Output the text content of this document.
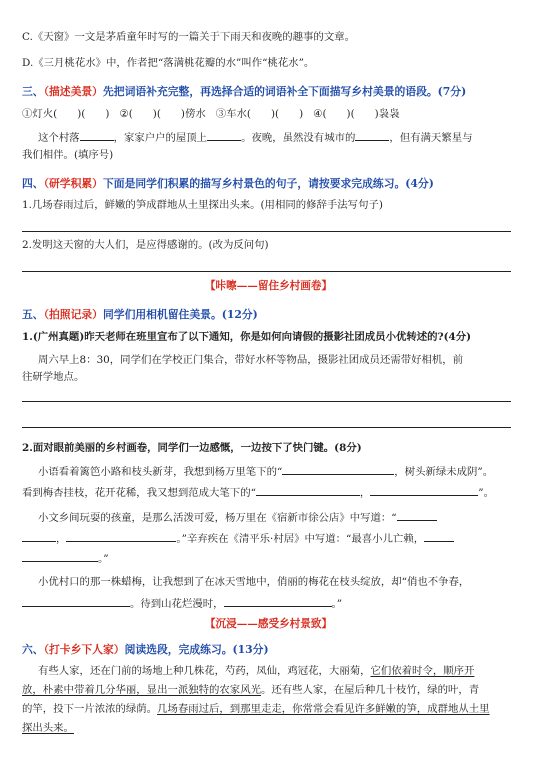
C.《天窗》一文是茅盾童年时写的一篇关于下雨天和夜晚的趣事的文章。
D.《三月桃花水》中，作者把“落满桃花瓣的水”叫作“桃花水”。
三、（描述美景）先把词语补充完整，再选择合适的词语补全下面描写乡村美景的语段。(7分)
①灯火( )( ) ②( )( )傍水 ③车水( )( ) ④( )( )袅袅
这个村落	，家家户户的屋顶上	。夜晚，虽然没有城市的	，但有满天繁星与
我们相伴。(填序号)
四、（研学积累）下面是同学们积累的描写乡村景色的句子，请按要求完成练习。(4分)
1.几场春雨过后，鲜嫩的笋成群地从土里探出头来。(用相同的修辞手法写句子)
2.发明这天窗的大人们，是应得感谢的。(改为反问句)
【咔嚓——留住乡村画卷】
五、（拍照记录）同学们用相机留住美景。(12分)
1.(广州真题)昨天老师在班里宣布了以下通知，你是如何向请假的摄影社团成员小优转述的?(4分)
周六早上8：30，同学们在学校正门集合，带好水杯等物品，摄影社团成员还需带好相机，前
往研学地点。
2.面对眼前美丽的乡村画卷，同学们一边感慨，一边按下了快门键。(8分)
小语看着篱笆小路和枝头新芽，我想到杨万里笔下的“	，树头新绿未成阴”。
看到梅杏挂枝，花开花稀，我又想到范成大笔下的“	，	”。
小文乡间玩耍的孩童，是那么活泼可爱，杨万里在《宿新市徐公店》中写道：“
，	。”辛弃疾在《清平乐·村居》中写道：“最喜小儿亡赖，
。”
小优村口的那一株蜡梅，让我想到了在冰天雪地中，俏丽的梅花在枝头绽放，却“俏也不争春，
。待到山花烂漫时，	。”
【沉浸——感受乡村景致】
六、（打卡乡下人家）阅读选段，完成练习。(13分)
有些人家，还在门前的场地上种几株花，芍药，凤仙，鸡冠花，大丽菊，它们依着时令，顺序开
放，朴素中带着几分华丽，显出一派独特的农家风光。还有些人家，在屋后种几十枝竹，绿的叶，青
的竿，投下一片浓浓的绿荫。几场春雨过后，到那里走走，你常常会看见许多鲜嫩的笋，成群地从土里
探出头来。
